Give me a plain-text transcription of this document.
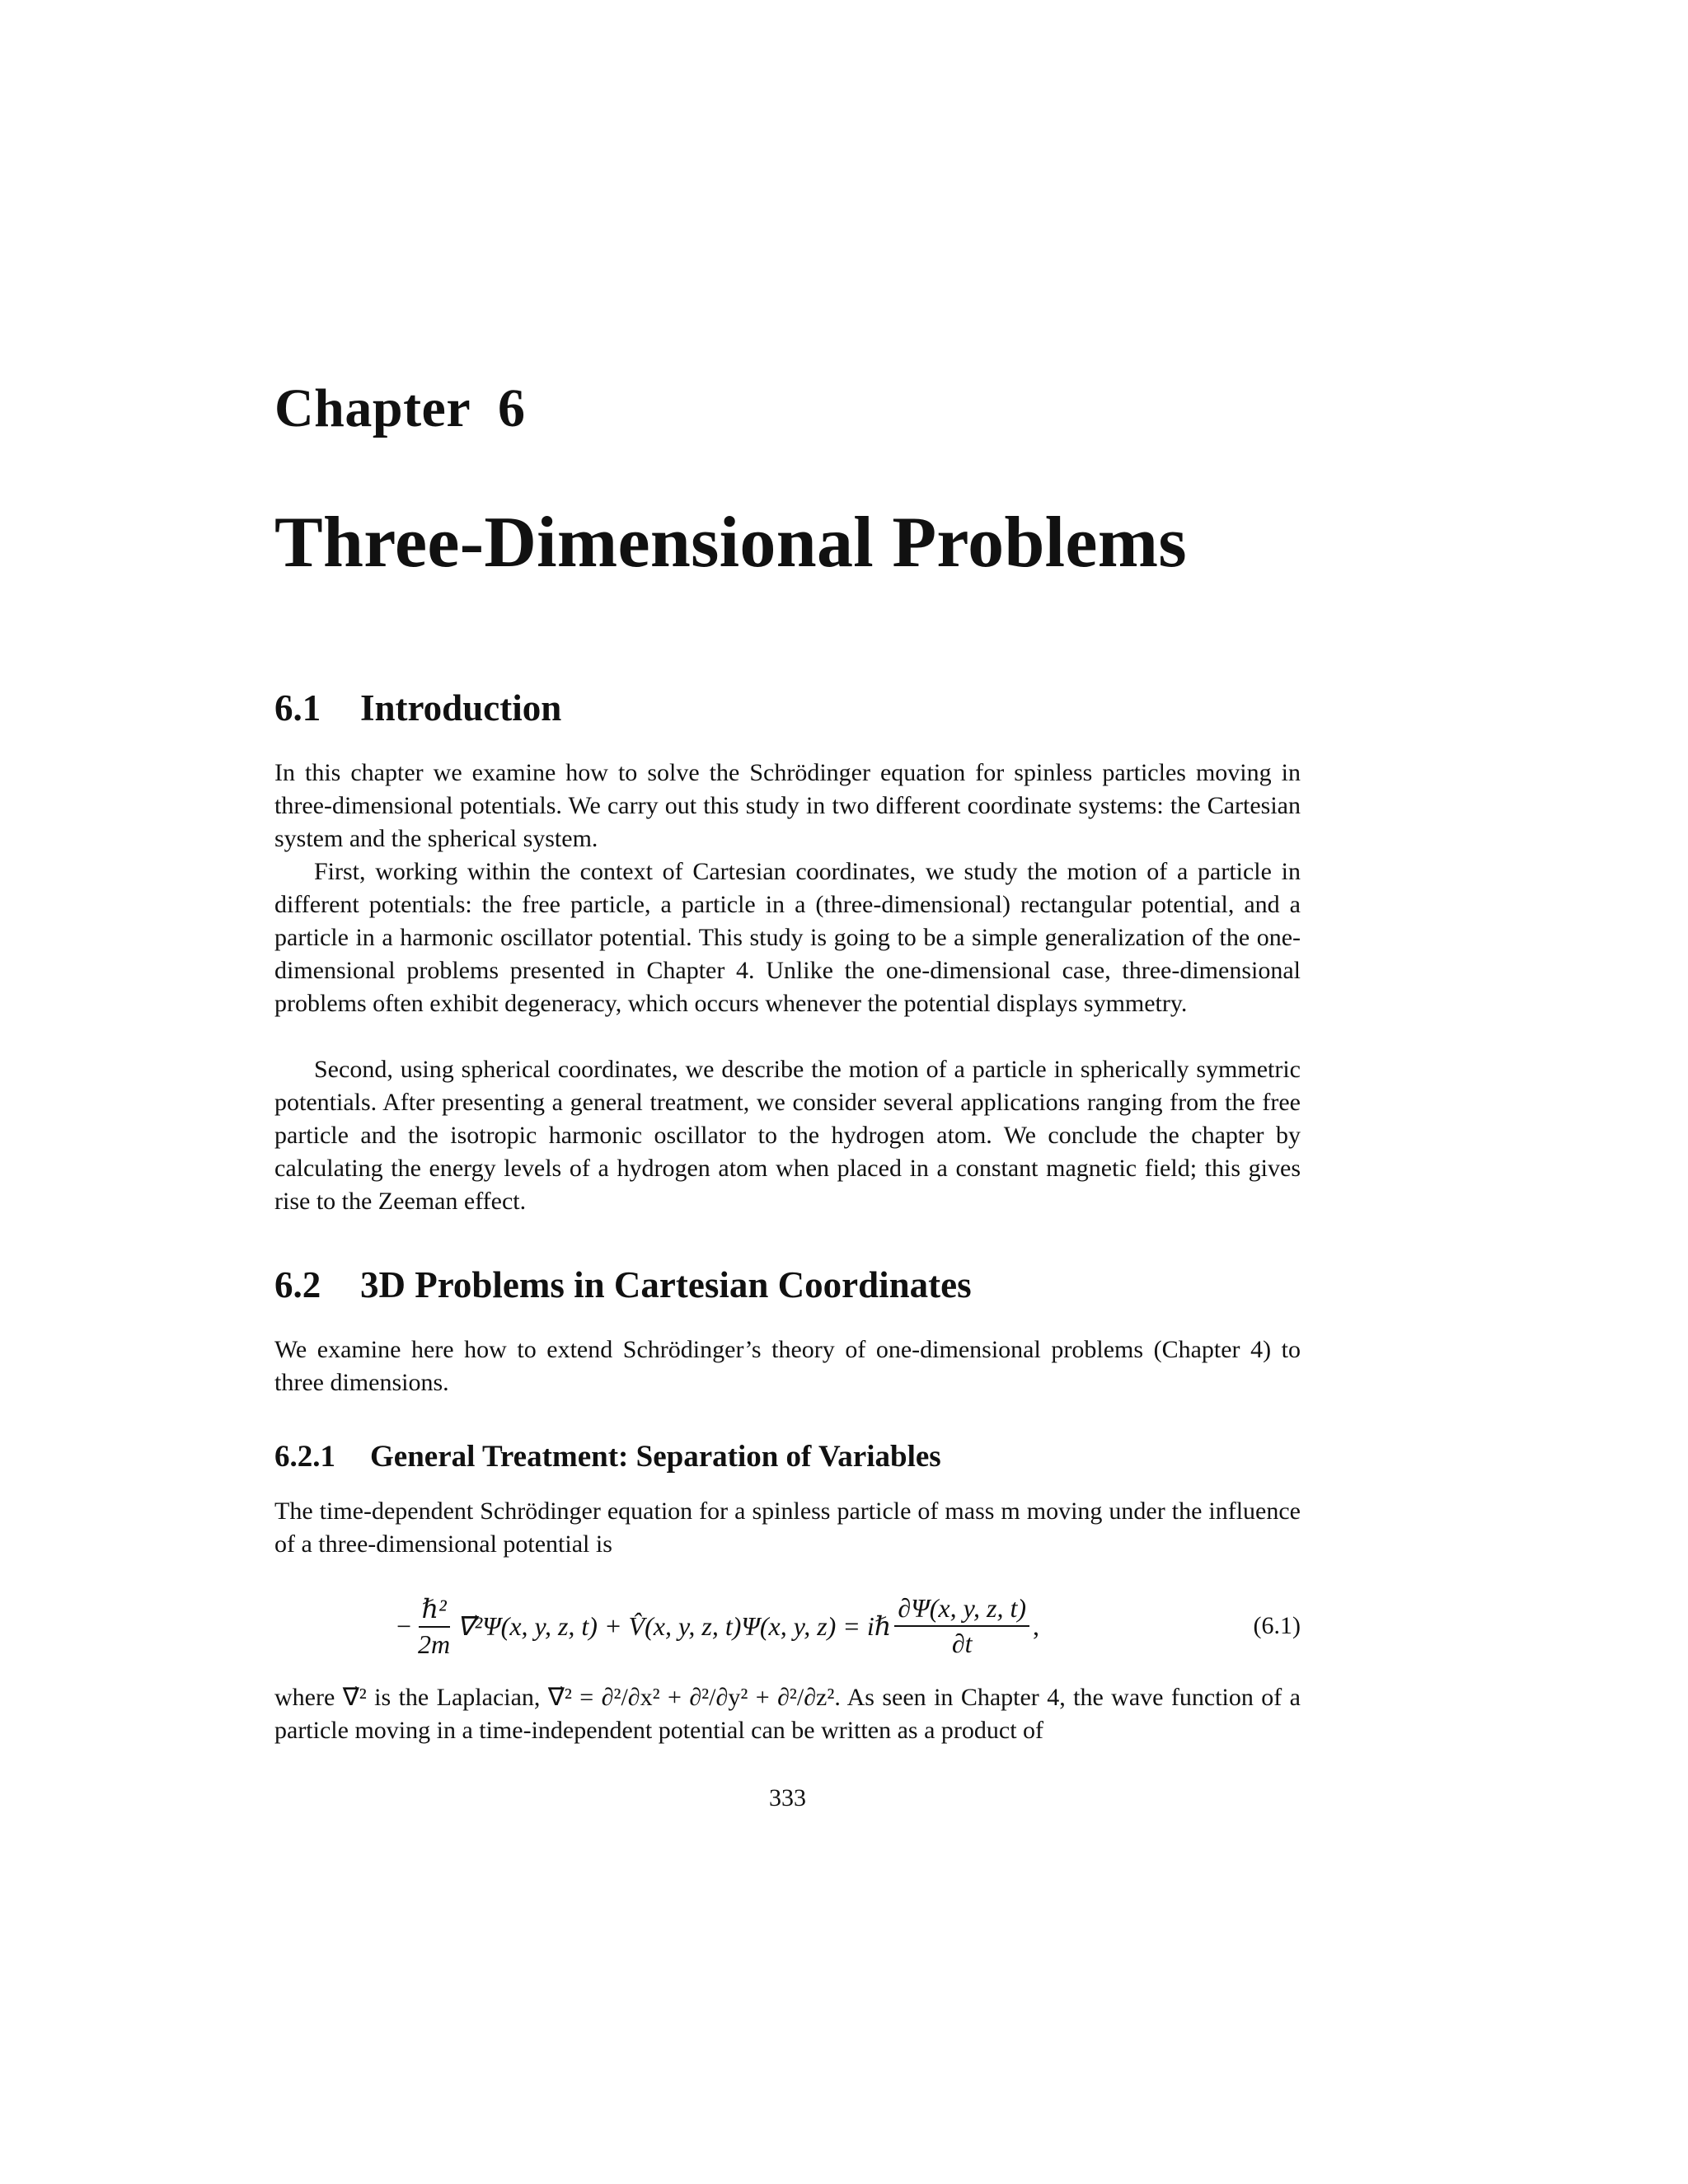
Chapter  6
Three-Dimensional Problems
6.1 Introduction

In this chapter we examine how to solve the Schrödinger equation for spinless particles moving in three-dimensional potentials. We carry out this study in two different coordinate systems: the Cartesian system and the spherical system.

First, working within the context of Cartesian coordinates, we study the motion of a particle in different potentials: the free particle, a particle in a (three-dimensional) rectangular potential, and a particle in a harmonic oscillator potential. This study is going to be a simple generalization of the one-dimensional problems presented in Chapter 4. Unlike the one-dimensional case, three-dimensional problems often exhibit degeneracy, which occurs whenever the potential displays symmetry.

Second, using spherical coordinates, we describe the motion of a particle in spherically symmetric potentials. After presenting a general treatment, we consider several applications ranging from the free particle and the isotropic harmonic oscillator to the hydrogen atom. We conclude the chapter by calculating the energy levels of a hydrogen atom when placed in a constant magnetic field; this gives rise to the Zeeman effect.

6.2 3D Problems in Cartesian Coordinates

We examine here how to extend Schrödinger’s theory of one-dimensional problems (Chapter 4) to three dimensions.

6.2.1 General Treatment: Separation of Variables

The time-dependent Schrödinger equation for a spinless particle of mass m moving under the influence of a three-dimensional potential is

− $\frac{\text{ℏ²}}{2m}$ ∇⃗²Ψ(x, y, z, t) + V̂(x, y, z, t)Ψ(x, y, z) = iℏ $\frac{\partial\Psi(x, y, z, t)}{\partial t}$ ,	(6.1)

where ∇⃗² is the Laplacian, ∇⃗² = ∂²/∂x² + ∂²/∂y² + ∂²/∂z². As seen in Chapter 4, the wave function of a particle moving in a time-independent potential can be written as a product of

333
